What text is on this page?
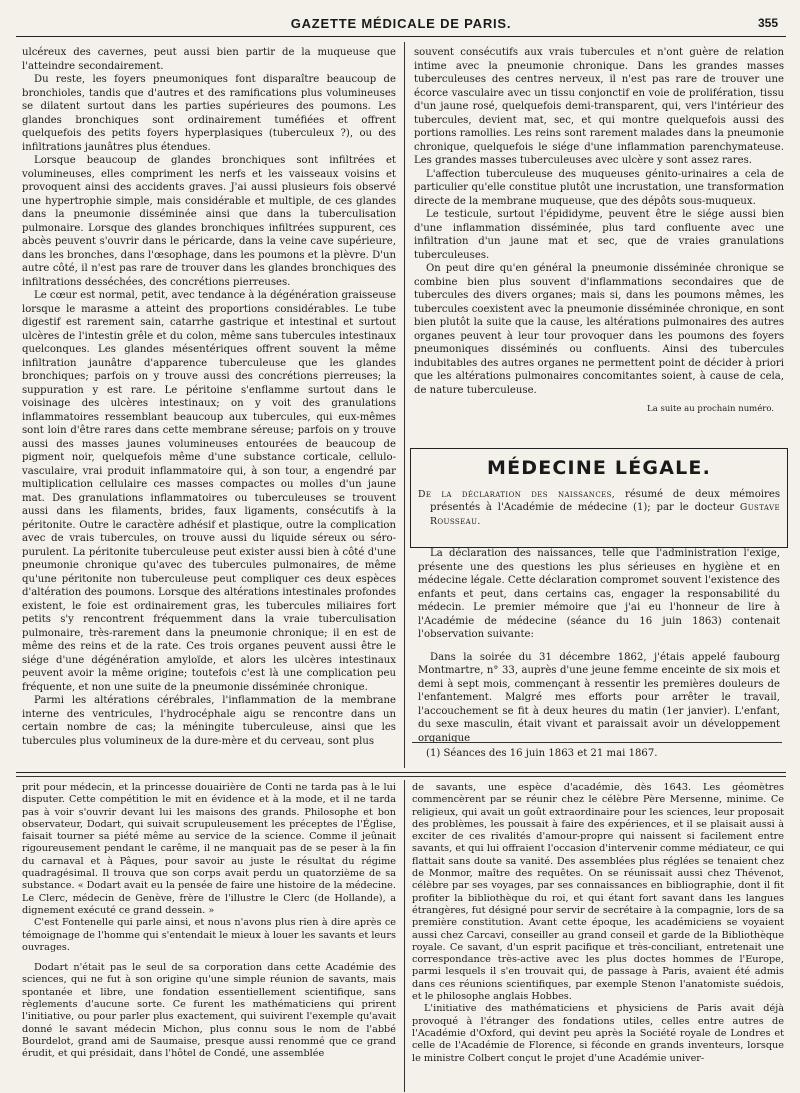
GAZETTE MÉDICALE DE PARIS.	355

ulcéreux des cavernes, peut aussi bien partir de la muqueuse que l'atteindre secondairement.

Du reste, les foyers pneumoniques font disparaître beaucoup de bronchioles, tandis que d'autres et des ramifications plus volumineuses se dilatent surtout dans les parties supérieures des poumons. Les glandes bronchiques sont ordinairement tuméfiées et offrent quelquefois des petits foyers hyperplasiques (tuberculeux ?), ou des infiltrations jaunâtres plus étendues.

Lorsque beaucoup de glandes bronchiques sont infiltrées et volumineuses, elles compriment les nerfs et les vaisseaux voisins et provoquent ainsi des accidents graves. J'ai aussi plusieurs fois observé une hypertrophie simple, mais considérable et multiple, de ces glandes dans la pneumonie disséminée ainsi que dans la tuberculisation pulmonaire. Lorsque des glandes bronchiques infiltrées suppurent, ces abcès peuvent s'ouvrir dans le péricarde, dans la veine cave supérieure, dans les bronches, dans l'œsophage, dans les poumons et la plèvre. D'un autre côté, il n'est pas rare de trouver dans les glandes bronchiques des infiltrations desséchées, des concrétions pierreuses.

Le cœur est normal, petit, avec tendance à la dégénération graisseuse lorsque le marasme a atteint des proportions considérables. Le tube digestif est rarement sain, catarrhe gastrique et intestinal et surtout ulcères de l'intestin grêle et du colon, même sans tubercules intestinaux quelconques. Les glandes mésentériques offrent souvent la même infiltration jaunâtre d'apparence tuberculeuse que les glandes bronchiques; parfois on y trouve aussi des concrétions pierreuses; la suppuration y est rare. Le péritoine s'enflamme surtout dans le voisinage des ulcères intestinaux; on y voit des granulations inflammatoires ressemblant beaucoup aux tubercules, qui eux-mêmes sont loin d'être rares dans cette membrane séreuse; parfois on y trouve aussi des masses jaunes volumineuses entourées de beaucoup de pigment noir, quelquefois même d'une substance corticale, cellulo-vasculaire, vrai produit inflammatoire qui, à son tour, a engendré par multiplication cellulaire ces masses compactes ou molles d'un jaune mat. Des granulations inflammatoires ou tuberculeuses se trouvent aussi dans les filaments, brides, faux ligaments, consécutifs à la péritonite. Outre le caractère adhésif et plastique, outre la complication avec de vrais tubercules, on trouve aussi du liquide séreux ou séro-purulent. La péritonite tuberculeuse peut exister aussi bien à côté d'une pneumonie chronique qu'avec des tubercules pulmonaires, de même qu'une péritonite non tuberculeuse peut compliquer ces deux espèces d'altération des poumons. Lorsque des altérations intestinales profondes existent, le foie est ordinairement gras, les tubercules miliaires fort petits s'y rencontrent fréquemment dans la vraie tuberculisation pulmonaire, très-rarement dans la pneumonie chronique; il en est de même des reins et de la rate. Ces trois organes peuvent aussi être le siége d'une dégénération amyloïde, et alors les ulcères intestinaux peuvent avoir la même origine; toutefois c'est là une complication peu fréquente, et non une suite de la pneumonie disséminée chronique.

Parmi les altérations cérébrales, l'inflammation de la membrane interne des ventricules, l'hydrocéphale aigu se rencontre dans un certain nombre de cas; la méningite tuberculeuse, ainsi que les tubercules plus volumineux de la dure-mère et du cerveau, sont plus

souvent consécutifs aux vrais tubercules et n'ont guère de relation intime avec la pneumonie chronique. Dans les grandes masses tuberculeuses des centres nerveux, il n'est pas rare de trouver une écorce vasculaire avec un tissu conjonctif en voie de prolifération, tissu d'un jaune rosé, quelquefois demi-transparent, qui, vers l'intérieur des tubercules, devient mat, sec, et qui montre quelquefois aussi des portions ramollies. Les reins sont rarement malades dans la pneumonie chronique, quelquefois le siége d'une inflammation parenchymateuse. Les grandes masses tuberculeuses avec ulcère y sont assez rares.

L'affection tuberculeuse des muqueuses génito-urinaires a cela de particulier qu'elle constitue plutôt une incrustation, une transformation directe de la membrane muqueuse, que des dépôts sous-muqueux.

Le testicule, surtout l'épididyme, peuvent être le siége aussi bien d'une inflammation disséminée, plus tard confluente avec une infiltration d'un jaune mat et sec, que de vraies granulations tuberculeuses.

On peut dire qu'en général la pneumonie disséminée chronique se combine bien plus souvent d'inflammations secondaires que de tubercules des divers organes; mais si, dans les poumons mêmes, les tubercules coexistent avec la pneumonie disséminée chronique, en sont bien plutôt la suite que la cause, les altérations pulmonaires des autres organes peuvent à leur tour provoquer dans les poumons des foyers pneumoniques disséminés ou confluents. Ainsi des tubercules indubitables des autres organes ne permettent point de décider à priori que les altérations pulmonaires concomitantes soient, à cause de cela, de nature tuberculeuse.

La suite au prochain numéro.
MÉDECINE LÉGALE.

De la déclaration des naissances, résumé de deux mémoires présentés à l'Académie de médecine (1); par le docteur Gustave Rousseau.

La déclaration des naissances, telle que l'administration l'exige, présente une des questions les plus sérieuses en hygiène et en médecine légale. Cette déclaration compromet souvent l'existence des enfants et peut, dans certains cas, engager la responsabilité du médecin. Le premier mémoire que j'ai eu l'honneur de lire à l'Académie de médecine (séance du 16 juin 1863) contenait l'observation suivante:

Dans la soirée du 31 décembre 1862, j'étais appelé faubourg Montmartre, n° 33, auprès d'une jeune femme enceinte de six mois et demi à sept mois, commençant à ressentir les premières douleurs de l'enfantement. Malgré mes efforts pour arrêter le travail, l'accouchement se fit à deux heures du matin (1er janvier). L'enfant, du sexe masculin, était vivant et paraissait avoir un développement organique

(1) Séances des 16 juin 1863 et 21 mai 1867.

prit pour médecin, et la princesse douairière de Conti ne tarda pas à le lui disputer. Cette compétition le mit en évidence et à la mode, et il ne tarda pas à voir s'ouvrir devant lui les maisons des grands. Philosophe et bon observateur, Dodart, qui suivait scrupuleusement les préceptes de l'Église, faisait tourner sa piété même au service de la science. Comme il jeûnait rigoureusement pendant le carême, il ne manquait pas de se peser à la fin du carnaval et à Pâques, pour savoir au juste le résultat du régime quadragésimal. Il trouva que son corps avait perdu un quatorzième de sa substance. « Dodart avait eu la pensée de faire une histoire de la médecine. Le Clerc, médecin de Genève, frère de l'illustre le Clerc (de Hollande), a dignement exécuté ce grand dessein. »

C'est Fontenelle qui parle ainsi, et nous n'avons plus rien à dire après ce témoignage de l'homme qui s'entendait le mieux à louer les savants et leurs ouvrages.

Dodart n'était pas le seul de sa corporation dans cette Académie des sciences, qui ne fut à son origine qu'une simple réunion de savants, mais spontanée et libre, une fondation essentiellement scientifique, sans règlements d'aucune sorte. Ce furent les mathématiciens qui prirent l'initiative, ou pour parler plus exactement, qui suivirent l'exemple qu'avait donné le savant médecin Michon, plus connu sous le nom de l'abbé Bourdelot, grand ami de Saumaise, presque aussi renommé que ce grand érudit, et qui présidait, dans l'hôtel de Condé, une assemblée

de savants, une espèce d'académie, dès 1643. Les géomètres commencèrent par se réunir chez le célèbre Père Mersenne, minime. Ce religieux, qui avait un goût extraordinaire pour les sciences, leur proposait des problèmes, les poussait à faire des expériences, et il se plaisait aussi à exciter de ces rivalités d'amour-propre qui naissent si facilement entre savants, et qui lui offraient l'occasion d'intervenir comme médiateur, ce qui flattait sans doute sa vanité. Des assemblées plus réglées se tenaient chez de Monmor, maître des requêtes. On se réunissait aussi chez Thévenot, célèbre par ses voyages, par ses connaissances en bibliographie, dont il fit profiter la bibliothèque du roi, et qui étant fort savant dans les langues étrangères, fut désigné pour servir de secrétaire à la compagnie, lors de sa première constitution. Avant cette époque, les académiciens se voyaient aussi chez Carcavi, conseiller au grand conseil et garde de la Bibliothèque royale. Ce savant, d'un esprit pacifique et très-conciliant, entretenait une correspondance très-active avec les plus doctes hommes de l'Europe, parmi lesquels il s'en trouvait qui, de passage à Paris, avaient été admis dans ces réunions scientifiques, par exemple Stenon l'anatomiste suédois, et le philosophe anglais Hobbes.

L'initiative des mathématiciens et physiciens de Paris avait déjà provoqué à l'étranger des fondations utiles, celles entre autres de l'Académie d'Oxford, qui devint peu après la Société royale de Londres et celle de l'Académie de Florence, si féconde en grands inventeurs, lorsque le ministre Colbert conçut le projet d'une Académie univer-
